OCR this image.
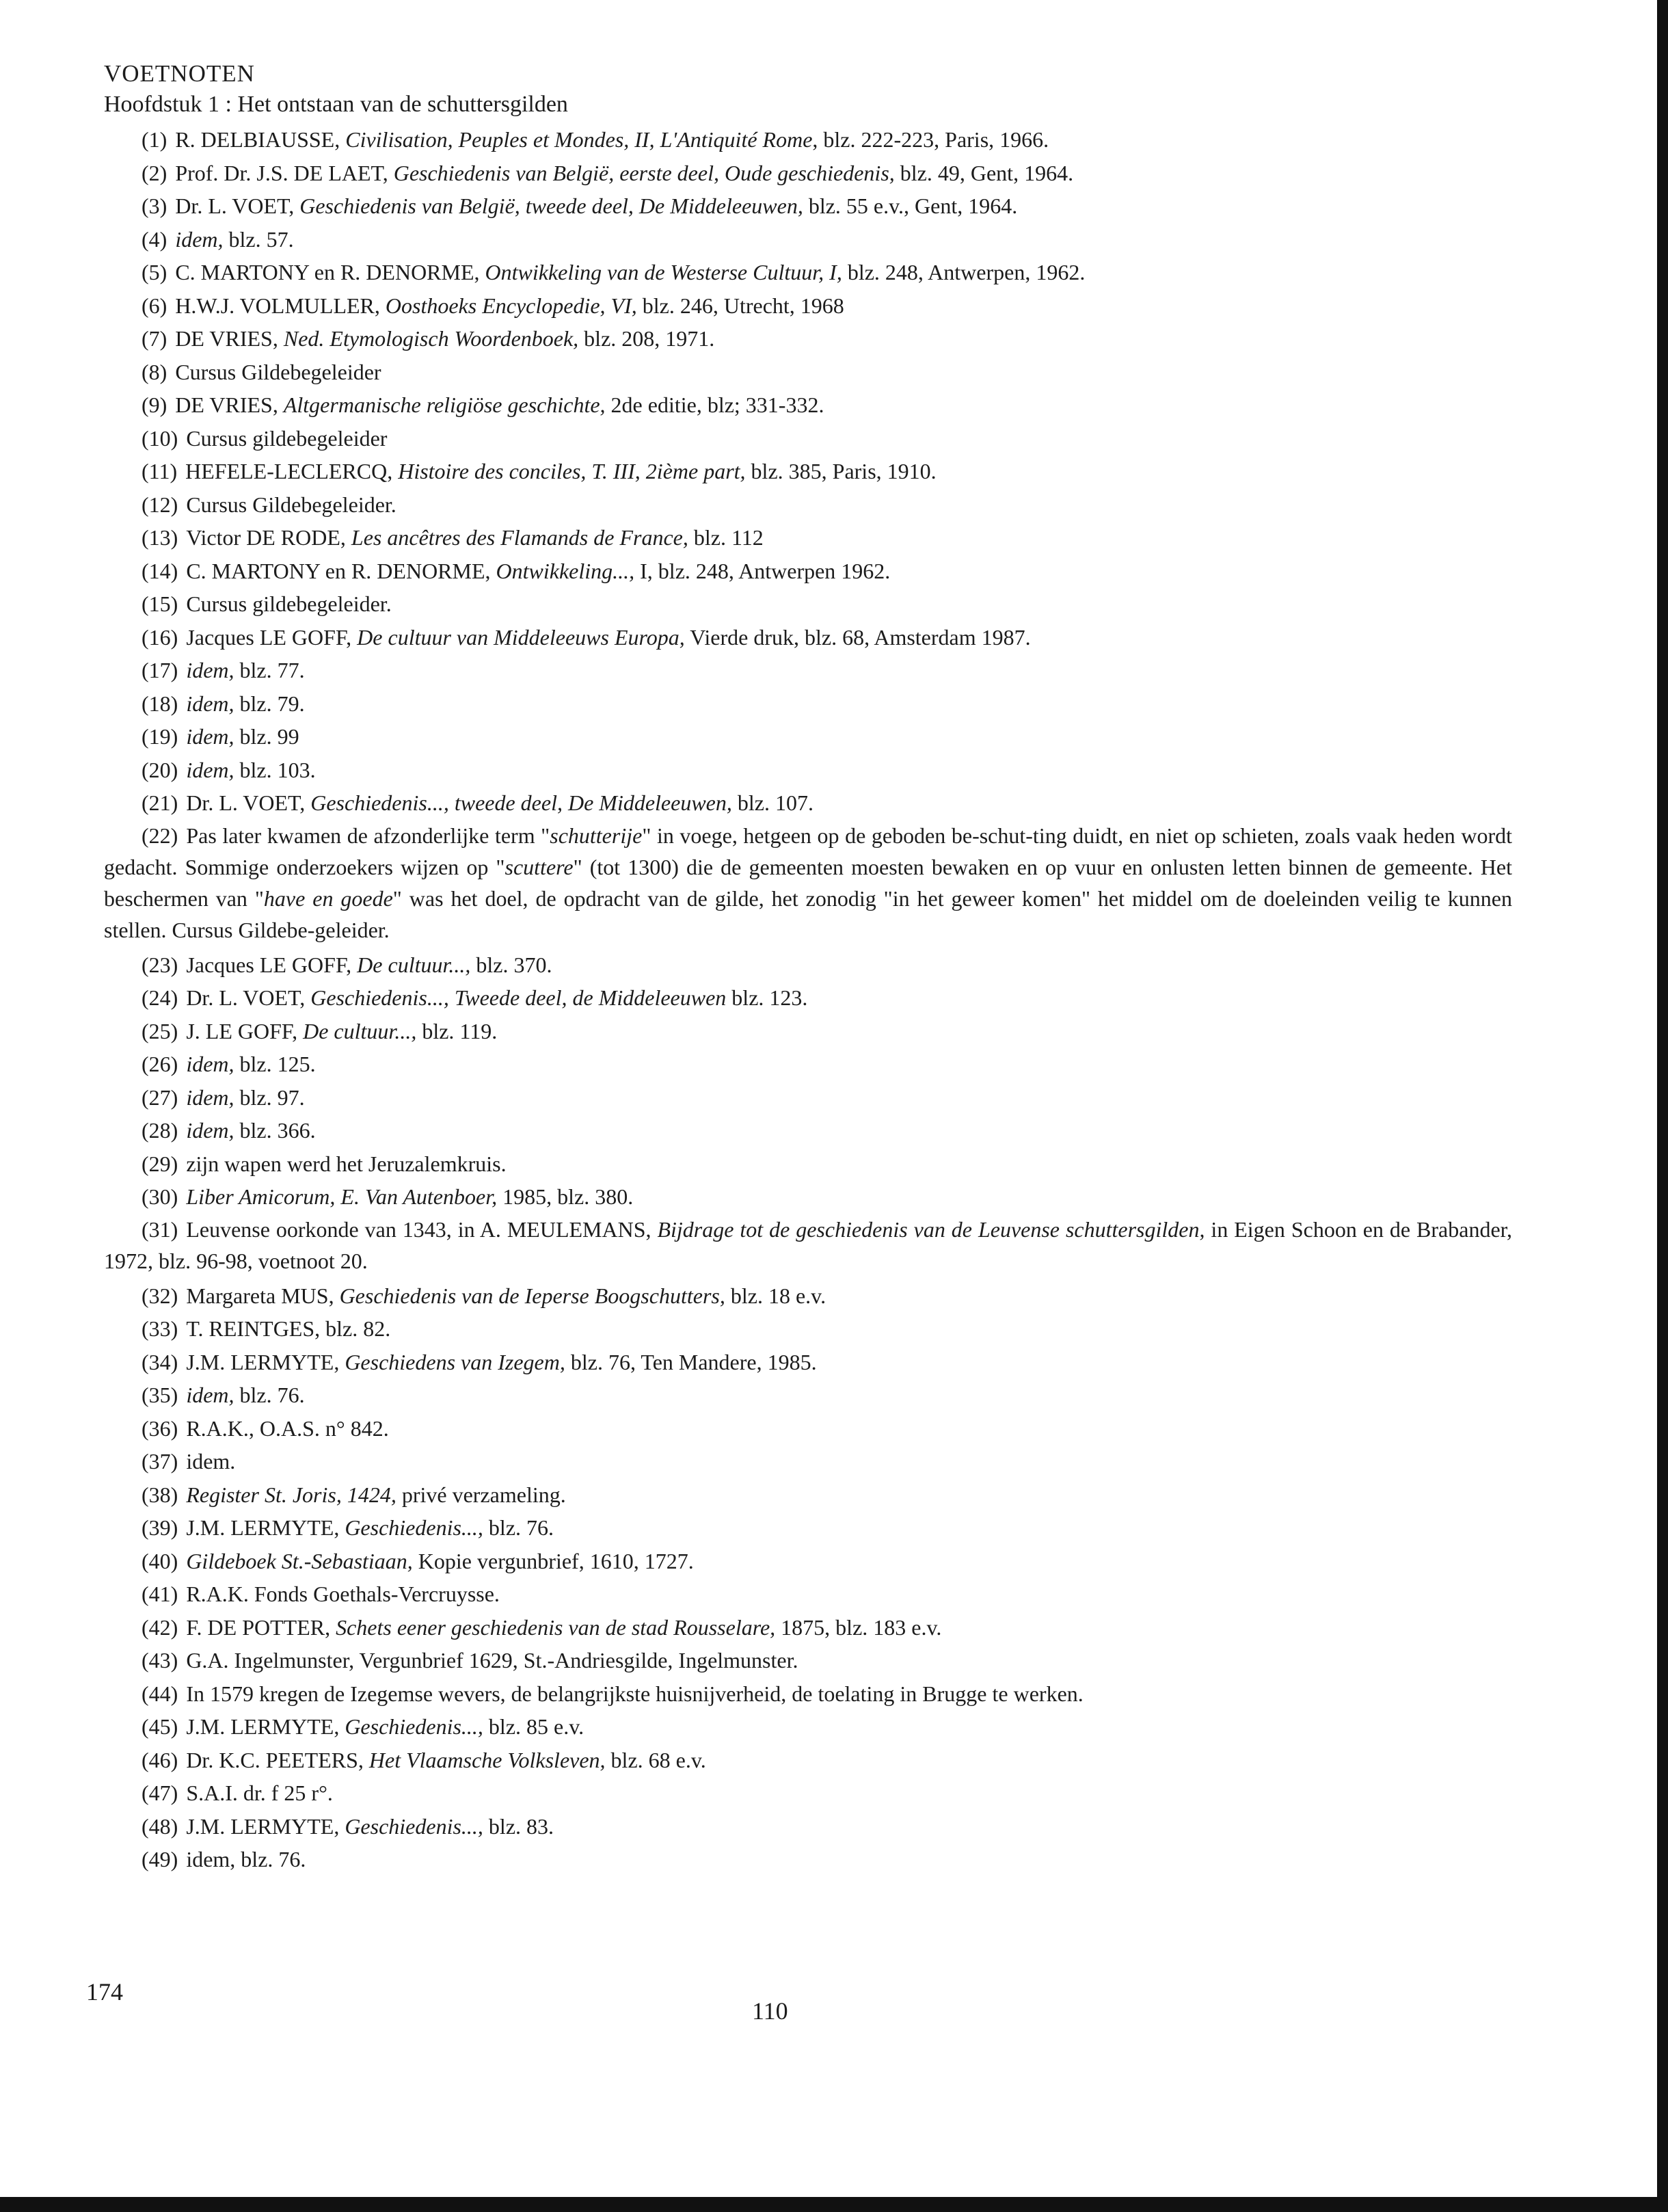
VOETNOTEN
Hoofdstuk 1 : Het ontstaan van de schuttersgilden
(1) R. DELBIAUSSE, Civilisation, Peuples et Mondes, II, L'Antiquité Rome, blz. 222-223, Paris, 1966.
(2) Prof. Dr. J.S. DE LAET, Geschiedenis van België, eerste deel, Oude geschiedenis, blz. 49, Gent, 1964.
(3) Dr. L. VOET, Geschiedenis van België, tweede deel, De Middeleeuwen, blz. 55 e.v., Gent, 1964.
(4) idem, blz. 57.
(5) C. MARTONY en R. DENORME, Ontwikkeling van de Westerse Cultuur, I, blz. 248, Antwerpen, 1962.
(6) H.W.J. VOLMULLER, Oosthoeks Encyclopedie, VI, blz. 246, Utrecht, 1968
(7) DE VRIES, Ned. Etymologisch Woordenboek, blz. 208, 1971.
(8) Cursus Gildebegeleider
(9) DE VRIES, Altgermanische religiöse geschichte, 2de editie, blz; 331-332.
(10) Cursus gildebegeleider
(11) HEFELE-LECLERCQ, Histoire des conciles, T. III, 2ième part, blz. 385, Paris, 1910.
(12) Cursus Gildebegeleider.
(13) Victor DE RODE, Les ancêtres des Flamands de France, blz. 112
(14) C. MARTONY en R. DENORME, Ontwikkeling..., I, blz. 248, Antwerpen 1962.
(15) Cursus gildebegeleider.
(16) Jacques LE GOFF, De cultuur van Middeleeuws Europa, Vierde druk, blz. 68, Amsterdam 1987.
(17) idem, blz. 77.
(18) idem, blz. 79.
(19) idem, blz. 99
(20) idem, blz. 103.
(21) Dr. L. VOET, Geschiedenis..., tweede deel, De Middeleeuwen, blz. 107.
(22) Pas later kwamen de afzonderlijke term "schutterije" in voege, hetgeen op de geboden be-schut-ting duidt, en niet op schieten, zoals vaak heden wordt gedacht. Sommige onderzoekers wijzen op "scuttere" (tot 1300) die de gemeenten moesten bewaken en op vuur en onlusten letten binnen de gemeente. Het beschermen van "have en goede" was het doel, de opdracht van de gilde, het zonodig "in het geweer komen" het middel om de doeleinden veilig te kunnen stellen. Cursus Gildebe-geleider.
(23) Jacques LE GOFF, De cultuur..., blz. 370.
(24) Dr. L. VOET, Geschiedenis..., Tweede deel, de Middeleeuwen blz. 123.
(25) J. LE GOFF, De cultuur..., blz. 119.
(26) idem, blz. 125.
(27) idem, blz. 97.
(28) idem, blz. 366.
(29) zijn wapen werd het Jeruzalemkruis.
(30) Liber Amicorum, E. Van Autenboer, 1985, blz. 380.
(31) Leuvense oorkonde van 1343, in A. MEULEMANS, Bijdrage tot de geschiedenis van de Leuvense schuttersgilden, in Eigen Schoon en de Brabander, 1972, blz. 96-98, voetnoot 20.
(32) Margareta MUS, Geschiedenis van de Ieperse Boogschutters, blz. 18 e.v.
(33) T. REINTGES, blz. 82.
(34) J.M. LERMYTE, Geschiedens van Izegem, blz. 76, Ten Mandere, 1985.
(35) idem, blz. 76.
(36) R.A.K., O.A.S. n° 842.
(37) idem.
(38) Register St. Joris, 1424, privé verzameling.
(39) J.M. LERMYTE, Geschiedenis..., blz. 76.
(40) Gildeboek St.-Sebastiaan, Kopie vergunbrief, 1610, 1727.
(41) R.A.K. Fonds Goethals-Vercruysse.
(42) F. DE POTTER, Schets eener geschiedenis van de stad Rousselare, 1875, blz. 183 e.v.
(43) G.A. Ingelmunster, Vergunbrief 1629, St.-Andriesgilde, Ingelmunster.
(44) In 1579 kregen de Izegemse wevers, de belangrijkste huisnijverheid, de toelating in Brugge te werken.
(45) J.M. LERMYTE, Geschiedenis..., blz. 85 e.v.
(46) Dr. K.C. PEETERS, Het Vlaamsche Volksleven, blz. 68 e.v.
(47) S.A.I. dr. f 25 r°.
(48) J.M. LERMYTE, Geschiedenis..., blz. 83.
(49) idem, blz. 76.
174
110
